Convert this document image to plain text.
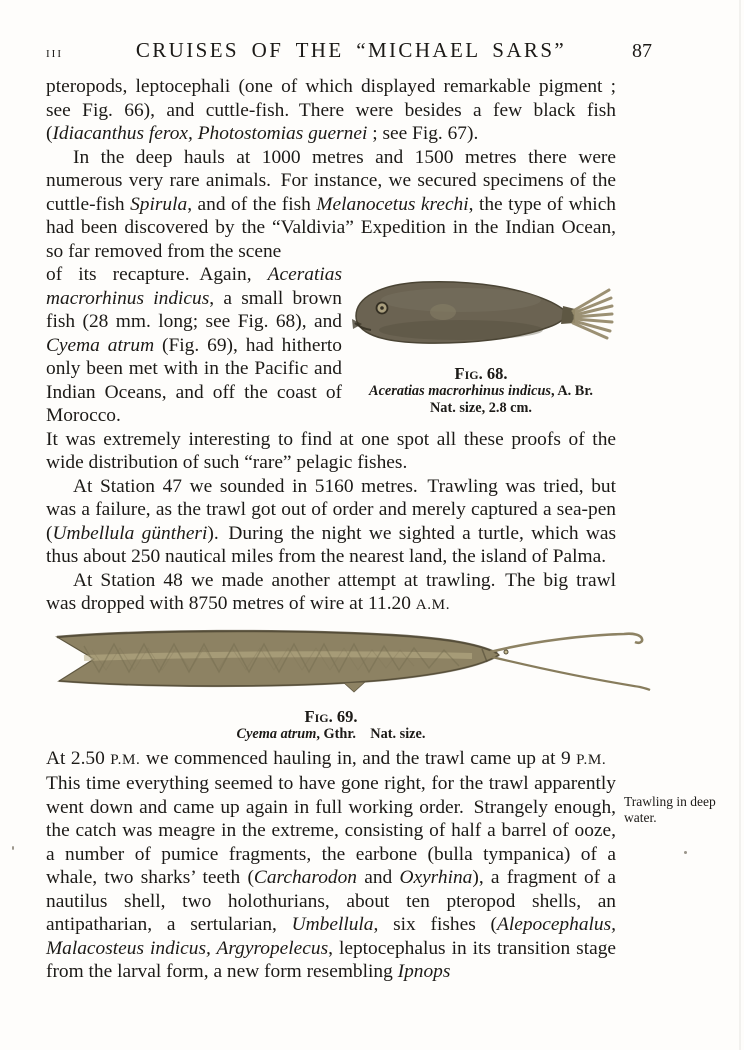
III	CRUISES OF THE “MICHAEL SARS”	87

pteropods, leptocephali (one of which displayed remarkable pigment ; see Fig. 66), and cuttle-fish. There were besides a few black fish (Idiacanthus ferox, Photostomias guernei ; see Fig. 67).

In the deep hauls at 1000 metres and 1500 metres there were numerous very rare animals. For instance, we secured specimens of the cuttle-fish Spirula, and of the fish Melanocetus krechi, the type of which had been discovered by the “Valdivia” Expedition in the Indian Ocean, so far removed from the scene

of its recapture. Again, Aceratias macrorhinus indicus, a small brown fish (28 mm. long; see Fig. 68), and Cyema atrum (Fig. 69), had hitherto only been met with in the Pacific and Indian Oceans, and off the coast of Morocco.

Fig. 68.
Aceratias macrorhinus indicus, A. Br.
Nat. size, 2.8 cm.

It was extremely interesting to find at one spot all these proofs of the wide distribution of such “rare” pelagic fishes.

At Station 47 we sounded in 5160 metres. Trawling was tried, but was a failure, as the trawl got out of order and merely captured a sea-pen (Umbellula güntheri). During the night we sighted a turtle, which was thus about 250 nautical miles from the nearest land, the island of Palma.

At Station 48 we made another attempt at trawling. The big trawl was dropped with 8750 metres of wire at 11.20 A.M.

Fig. 69.
Cyema atrum, Gthr.  Nat. size.

At 2.50 P.M. we commenced hauling in, and the trawl came up at 9 P.M. This time everything seemed to have gone right, for the trawl apparently went down and came up again in full working order. Strangely enough, the catch was meagre in the extreme, consisting of half a barrel of ooze, a number of pumice fragments, the earbone (bulla tympanica) of a whale, two sharks’ teeth (Carcharodon and Oxyrhina), a fragment of a nautilus shell, two holothurians, about ten pteropod shells, an antipatharian, a sertularian, Umbellula, six fishes (Alepocephalus, Malacosteus indicus, Argyropelecus, leptocephalus in its transition stage from the larval form, a new form resembling Ipnops

Trawling in deep water.
